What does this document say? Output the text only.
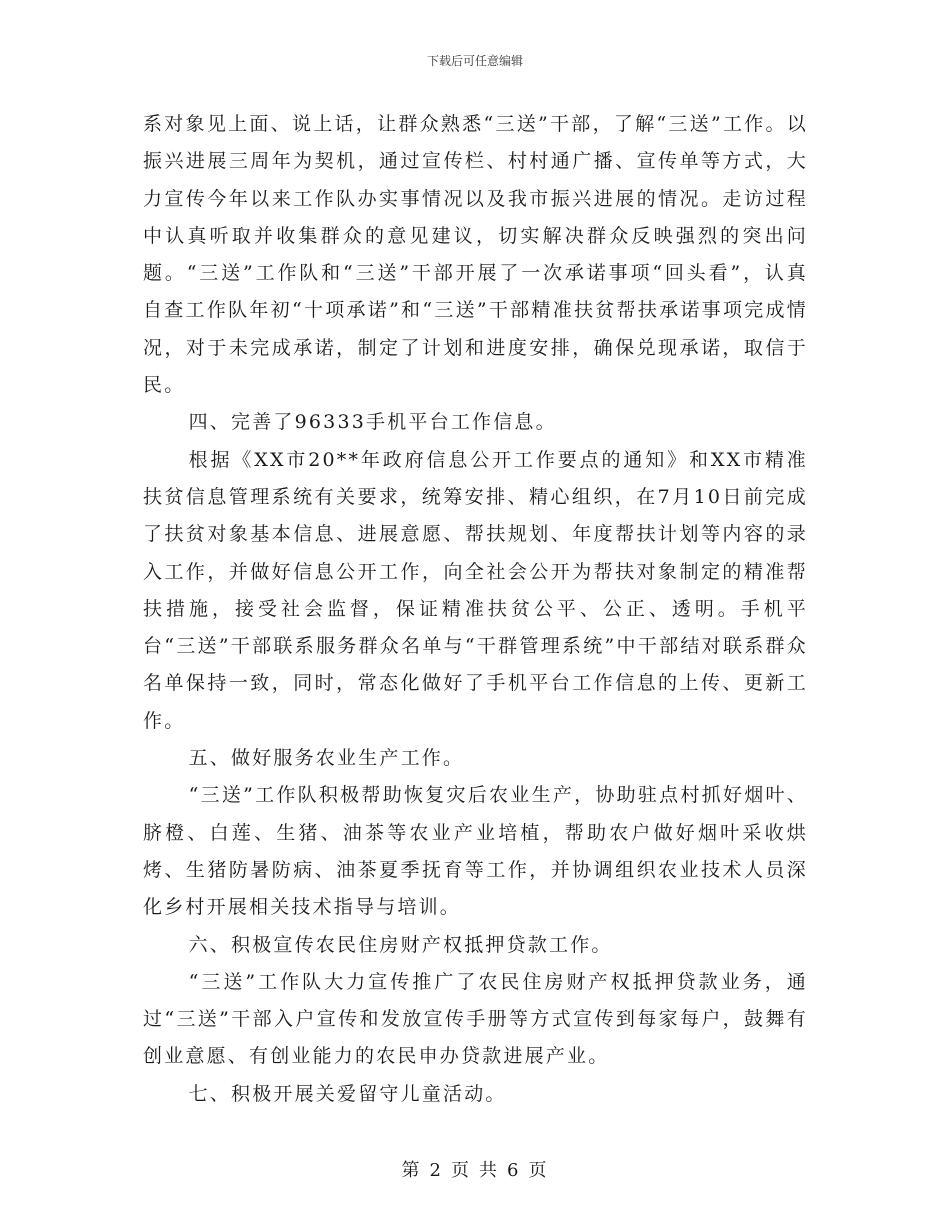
下载后可任意编辑

系对象见上面、说上话，让群众熟悉“三送”干部，了解“三送”工作。以振兴进展三周年为契机，通过宣传栏、村村通广播、宣传单等方式，大力宣传今年以来工作队办实事情况以及我市振兴进展的情况。走访过程中认真听取并收集群众的意见建议，切实解决群众反映强烈的突出问题。“三送”工作队和“三送”干部开展了一次承诺事项“回头看”，认真自查工作队年初“十项承诺”和“三送”干部精准扶贫帮扶承诺事项完成情况，对于未完成承诺，制定了计划和进度安排，确保兑现承诺，取信于民。

四、完善了96333手机平台工作信息。

根据《XX市20**年政府信息公开工作要点的通知》和XX市精准扶贫信息管理系统有关要求，统筹安排、精心组织，在7月10日前完成了扶贫对象基本信息、进展意愿、帮扶规划、年度帮扶计划等内容的录入工作，并做好信息公开工作，向全社会公开为帮扶对象制定的精准帮扶措施，接受社会监督，保证精准扶贫公平、公正、透明。手机平台“三送”干部联系服务群众名单与“干群管理系统”中干部结对联系群众名单保持一致，同时，常态化做好了手机平台工作信息的上传、更新工作。

五、做好服务农业生产工作。

“三送”工作队积极帮助恢复灾后农业生产，协助驻点村抓好烟叶、脐橙、白莲、生猪、油茶等农业产业培植，帮助农户做好烟叶采收烘烤、生猪防暑防病、油茶夏季抚育等工作，并协调组织农业技术人员深化乡村开展相关技术指导与培训。

六、积极宣传农民住房财产权抵押贷款工作。

“三送”工作队大力宣传推广了农民住房财产权抵押贷款业务，通过“三送”干部入户宣传和发放宣传手册等方式宣传到每家每户，鼓舞有创业意愿、有创业能力的农民申办贷款进展产业。

七、积极开展关爱留守儿童活动。

第 2 页 共 6 页
